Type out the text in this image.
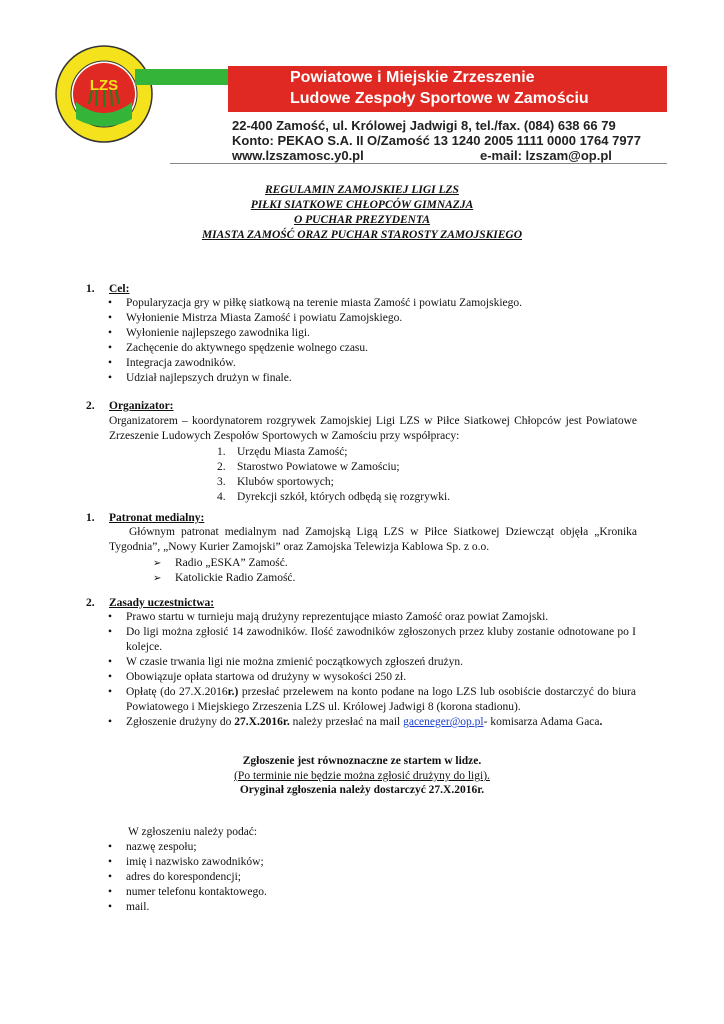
LZS	Powiatowe i Miejskie Zrzeszenie
Ludowe Zespoły Sportowe w Zamościu
22-400 Zamość, ul. Królowej Jadwigi 8, tel./fax. (084) 638 66 79
Konto: PEKAO S.A. II O/Zamość 13 1240 2005 1111 0000 1764 7977
www.lzszamosc.y0.pl	e-mail: lzszam@op.pl
REGULAMIN ZAMOJSKIEJ LIGI LZS
PIŁKI SIATKOWE CHŁOPCÓW GIMNAZJA
O PUCHAR PREZYDENTA
MIASTA ZAMOŚĆ ORAZ PUCHAR STAROSTY ZAMOJSKIEGO
1. Cel:
• Popularyzacja gry w piłkę siatkową na terenie miasta Zamość i powiatu Zamojskiego.
• Wyłonienie Mistrza Miasta Zamość i powiatu Zamojskiego.
• Wyłonienie najlepszego zawodnika ligi.
• Zachęcenie do aktywnego spędzenie wolnego czasu.
• Integracja zawodników.
• Udział najlepszych drużyn w finale.
2. Organizator:
Organizatorem – koordynatorem rozgrywek Zamojskiej Ligi LZS w Piłce Siatkowej Chłopców jest Powiatowe Zrzeszenie Ludowych Zespołów Sportowych w Zamościu przy współpracy:
1. Urzędu Miasta Zamość;
2. Starostwo Powiatowe w Zamościu;
3. Klubów sportowych;
4. Dyrekcji szkół, których odbędą się rozgrywki.
1. Patronat medialny:
Głównym patronat medialnym nad Zamojską Ligą LZS w Piłce Siatkowej Dziewcząt objęła „Kronika Tygodnia”, „Nowy Kurier Zamojski” oraz Zamojska Telewizja Kablowa Sp. z o.o.
➢ Radio „ESKA” Zamość.
➢ Katolickie Radio Zamość.
2. Zasady uczestnictwa:
• Prawo startu w turnieju mają drużyny reprezentujące miasto Zamość oraz powiat Zamojski.
• Do ligi można zgłosić 14 zawodników. Ilość zawodników zgłoszonych przez kluby zostanie odnotowane po I kolejce.
• W czasie trwania ligi nie można zmienić początkowych zgłoszeń drużyn.
• Obowiązuje opłata startowa od drużyny w wysokości 250 zł.
• Opłatę (do 27.X.2016r.) przesłać przelewem na konto podane na logo LZS lub osobiście dostarczyć do biura Powiatowego i Miejskiego Zrzeszenia LZS ul. Królowej Jadwigi 8 (korona stadionu).
• Zgłoszenie drużyny do 27.X.2016r. należy przesłać na mail gaceneger@op.pl- komisarza Adama Gaca.
Zgłoszenie jest równoznaczne ze startem w lidze.
(Po terminie nie będzie można zgłosić drużyny do ligi).
Oryginał zgłoszenia należy dostarczyć 27.X.2016r.
W zgłoszeniu należy podać:
• nazwę zespołu;
• imię i nazwisko zawodników;
• adres do korespondencji;
• numer telefonu kontaktowego.
• mail.
